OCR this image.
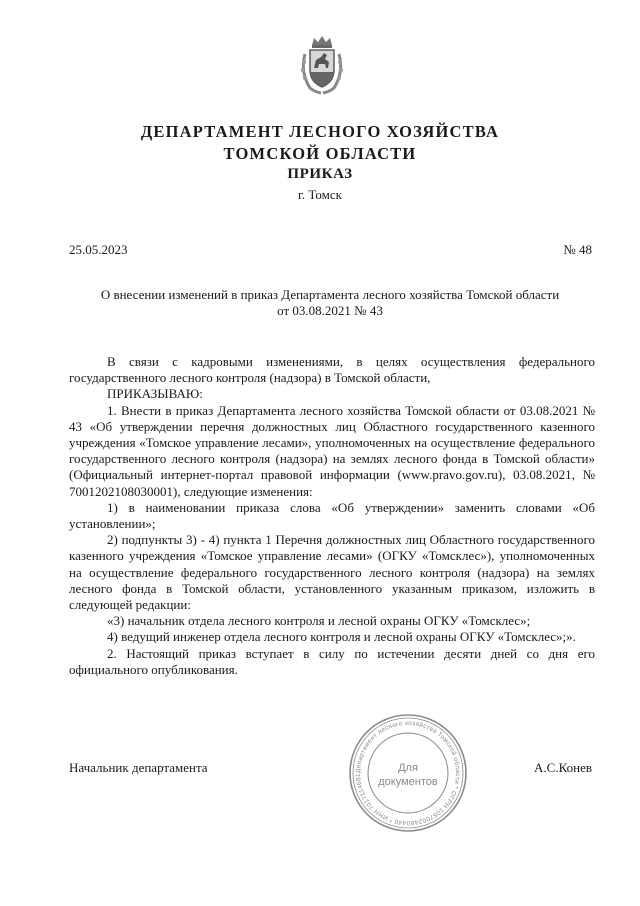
ДЕПАРТАМЕНТ ЛЕСНОГО ХОЗЯЙСТВА
ТОМСКОЙ ОБЛАСТИ
ПРИКАЗ
г. Томск
25.05.2023	№ 48
О внесении изменений в приказ Департамента лесного хозяйства Томской области
от 03.08.2021 № 43

В связи с кадровыми изменениями, в целях осуществления федерального государственного лесного контроля (надзора) в Томской области,

ПРИКАЗЫВАЮ:

1. Внести в приказ Департамента лесного хозяйства Томской области от 03.08.2021 № 43 «Об утверждении перечня должностных лиц Областного государственного казенного учреждения «Томское управление лесами», уполномоченных на осуществление федерального государственного лесного контроля (надзора) на землях лесного фонда в Томской области» (Официальный интернет-портал правовой информации (www.pravo.gov.ru), 03.08.2021, № 7001202108030001), следующие изменения:

1) в наименовании приказа слова «Об утверждении» заменить словами «Об установлении»;

2) подпункты 3) - 4) пункта 1 Перечня должностных лиц Областного государственного казенного учреждения «Томское управление лесами» (ОГКУ «Томсклес»), уполномоченных на осуществление федерального государственного лесного контроля (надзора) на землях лесного фонда в Томской области, установленного указанным приказом, изложить в следующей редакции:

«3) начальник отдела лесного контроля и лесной охраны ОГКУ «Томсклес»;

4) ведущий инженер отдела лесного контроля и лесной охраны ОГКУ «Томсклес»;».

2. Настоящий приказ вступает в силу по истечении десяти дней со дня его официального опубликования.

Начальник департамента	А.С.Конев
Департамент лесного хозяйства Томской области * ОГРН 1057002480440 * ИНН 7017114681
Для
документов
